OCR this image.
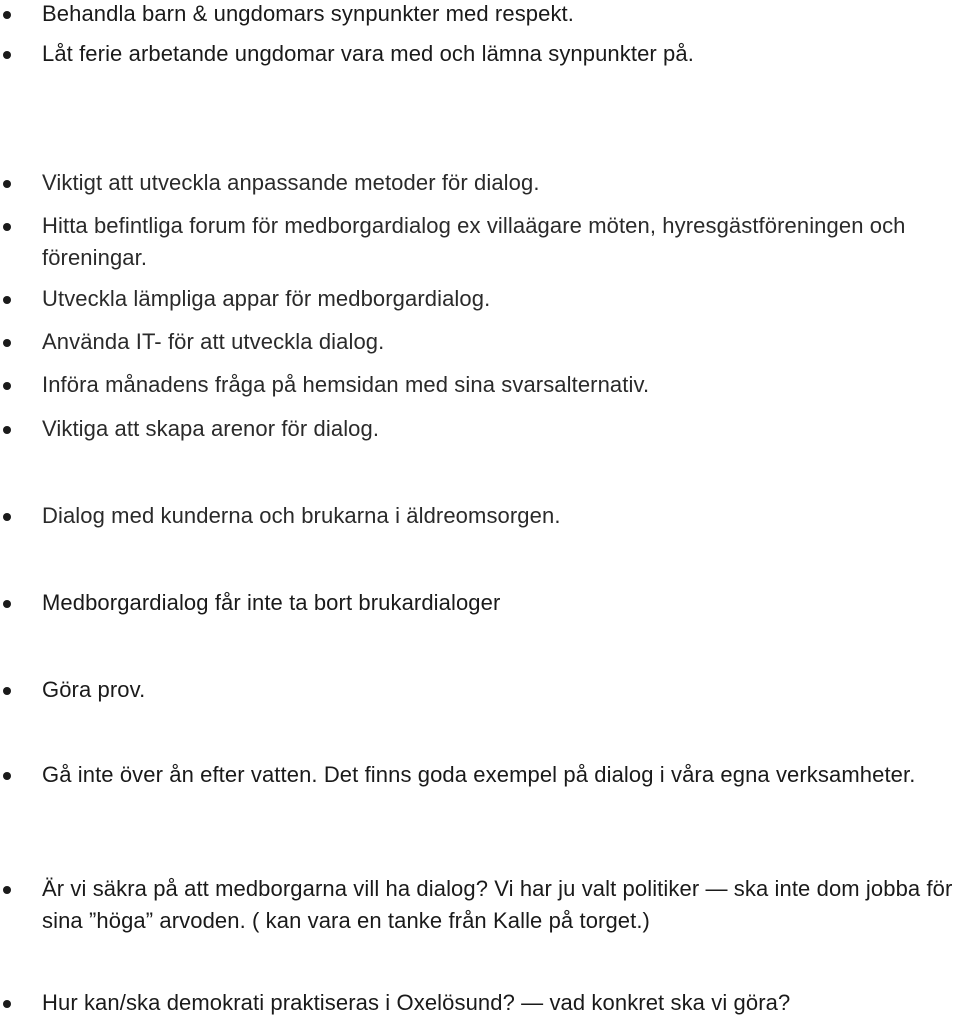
Behandla barn & ungdomars synpunkter med respekt.
Låt ferie arbetande ungdomar vara med och lämna synpunkter på.
Viktigt att utveckla anpassande metoder för dialog.
Hitta befintliga forum för medborgardialog ex villaägare möten, hyresgästföreningen och föreningar.
Utveckla lämpliga appar för medborgardialog.
Använda IT- för att utveckla dialog.
Införa månadens fråga på hemsidan med sina svarsalternativ.
Viktiga att skapa arenor för dialog.
Dialog med kunderna och brukarna i äldreomsorgen.
Medborgardialog får inte ta bort brukardialoger
Göra prov.
Gå inte över ån efter vatten. Det finns goda exempel på dialog i våra egna verksamheter.
Är vi säkra på att medborgarna vill ha dialog? Vi har ju valt politiker — ska inte dom jobba för sina ”höga” arvoden. ( kan vara en tanke från Kalle på torget.)
Hur kan/ska demokrati praktiseras i Oxelösund? — vad konkret ska vi göra?
